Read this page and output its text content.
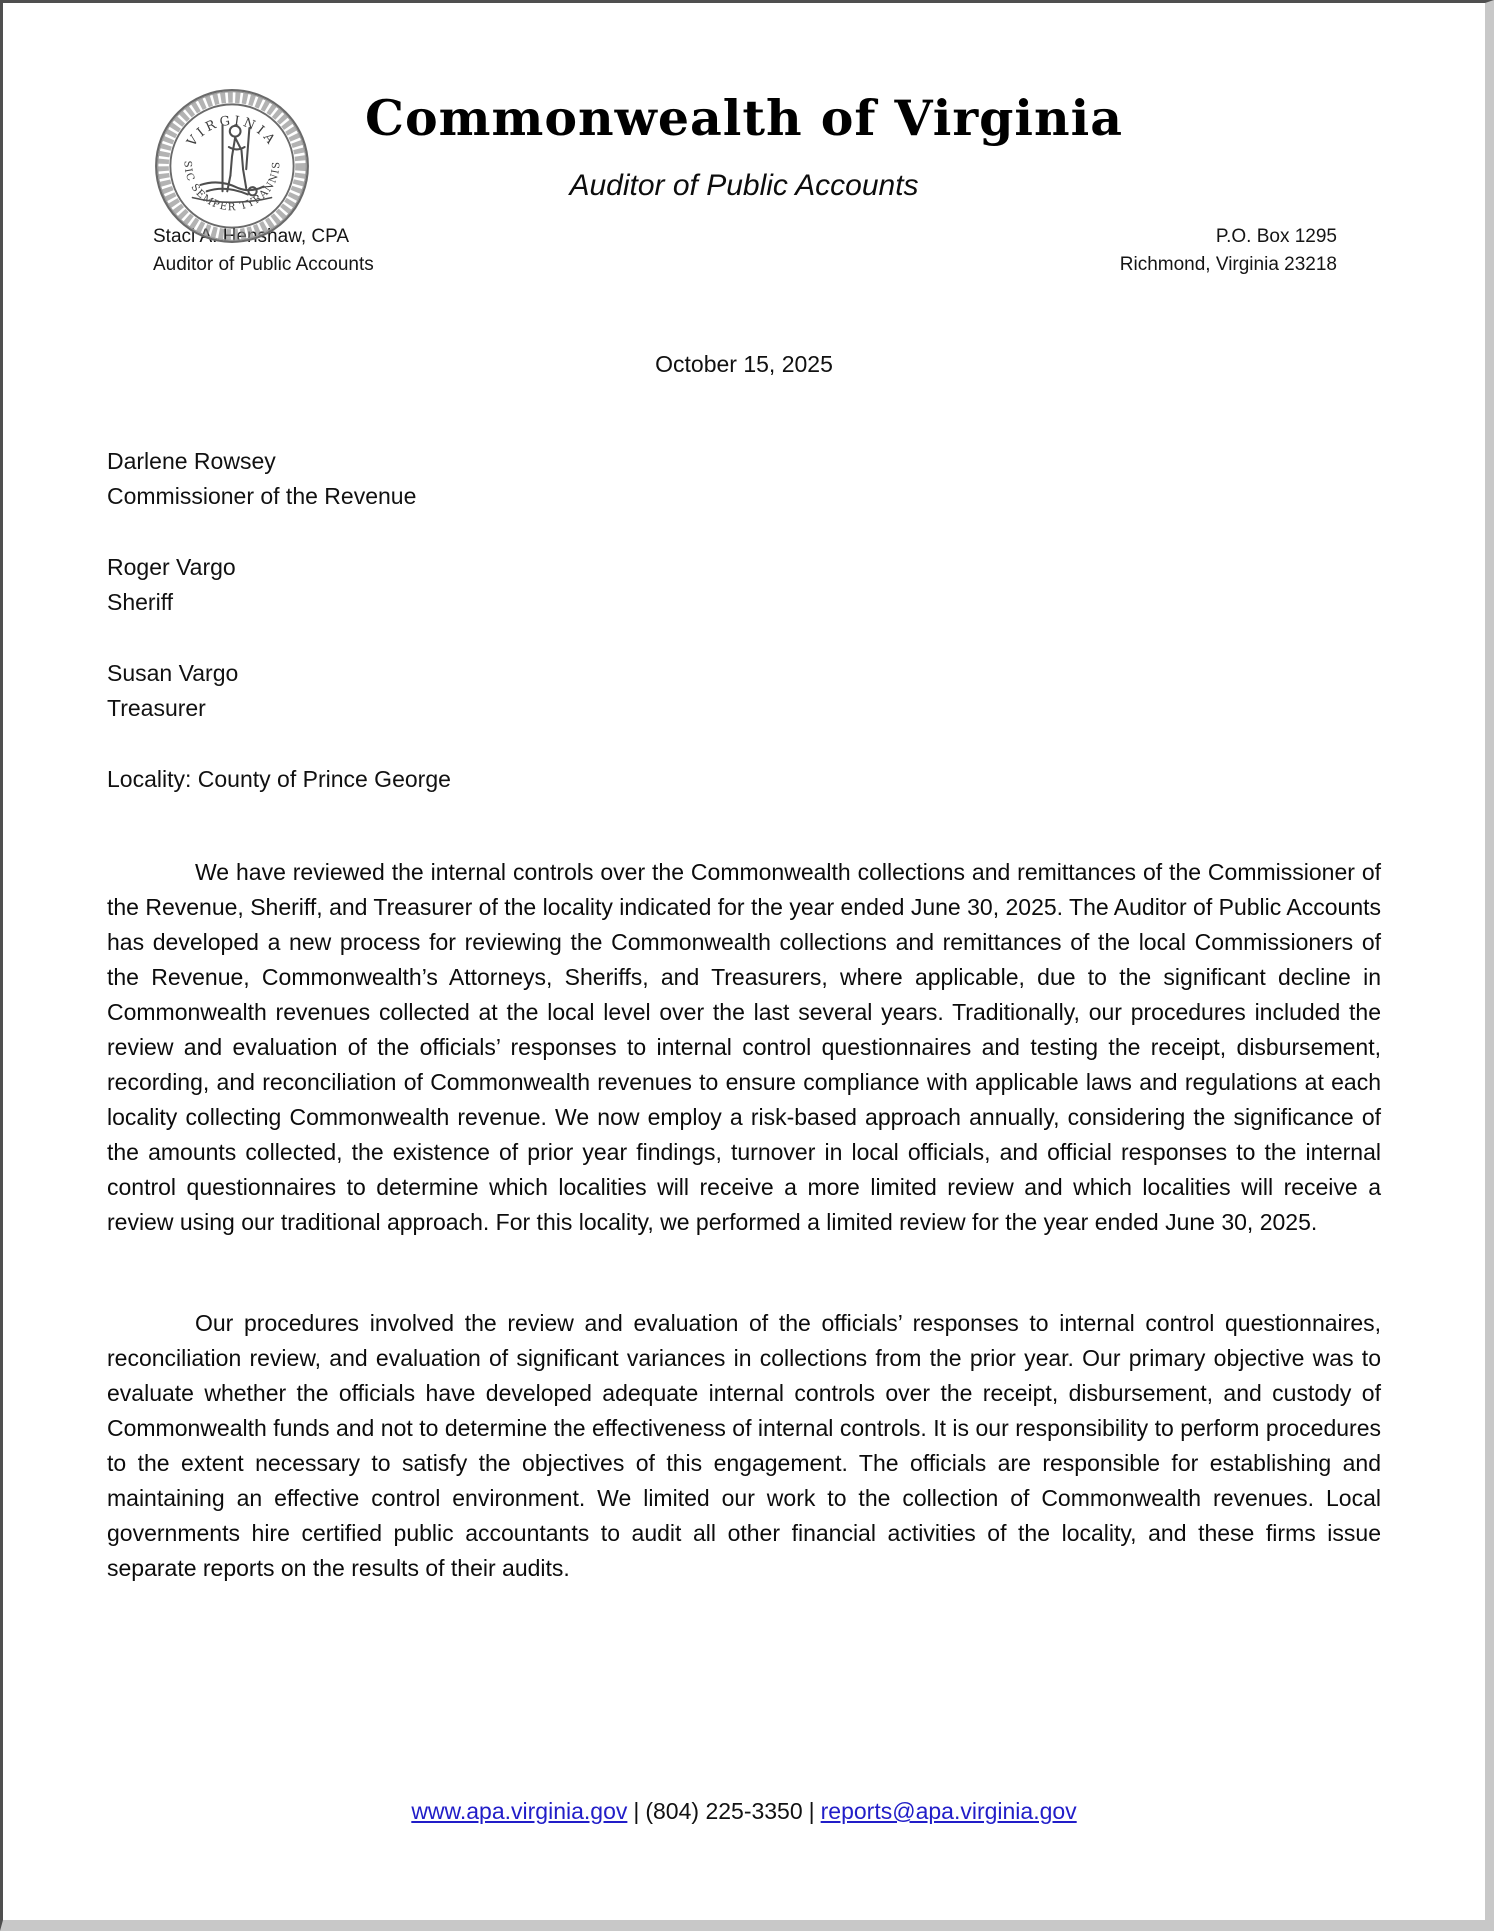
VIRGINIA
SIC SEMPER TYRANNIS
Commonwealth of Virginia
Auditor of Public Accounts
Staci A. Henshaw, CPA
Auditor of Public Accounts
P.O. Box 1295
Richmond, Virginia 23218
October 15, 2025
Darlene Rowsey
Commissioner of the Revenue
Roger Vargo
Sheriff
Susan Vargo
Treasurer
Locality: County of Prince George

We have reviewed the internal controls over the Commonwealth collections and remittances of the Commissioner of the Revenue, Sheriff, and Treasurer of the locality indicated for the year ended June 30, 2025. The Auditor of Public Accounts has developed a new process for reviewing the Commonwealth collections and remittances of the local Commissioners of the Revenue, Commonwealth’s Attorneys, Sheriffs, and Treasurers, where applicable, due to the significant decline in Commonwealth revenues collected at the local level over the last several years. Traditionally, our procedures included the review and evaluation of the officials’ responses to internal control questionnaires and testing the receipt, disbursement, recording, and reconciliation of Commonwealth revenues to ensure compliance with applicable laws and regulations at each locality collecting Commonwealth revenue. We now employ a risk-based approach annually, considering the significance of the amounts collected, the existence of prior year findings, turnover in local officials, and official responses to the internal control questionnaires to determine which localities will receive a more limited review and which localities will receive a review using our traditional approach. For this locality, we performed a limited review for the year ended June 30, 2025.

Our procedures involved the review and evaluation of the officials’ responses to internal control questionnaires, reconciliation review, and evaluation of significant variances in collections from the prior year. Our primary objective was to evaluate whether the officials have developed adequate internal controls over the receipt, disbursement, and custody of Commonwealth funds and not to determine the effectiveness of internal controls. It is our responsibility to perform procedures to the extent necessary to satisfy the objectives of this engagement. The officials are responsible for establishing and maintaining an effective control environment. We limited our work to the collection of Commonwealth revenues. Local governments hire certified public accountants to audit all other financial activities of the locality, and these firms issue separate reports on the results of their audits.

www.apa.virginia.gov | (804) 225-3350 | reports@apa.virginia.gov
